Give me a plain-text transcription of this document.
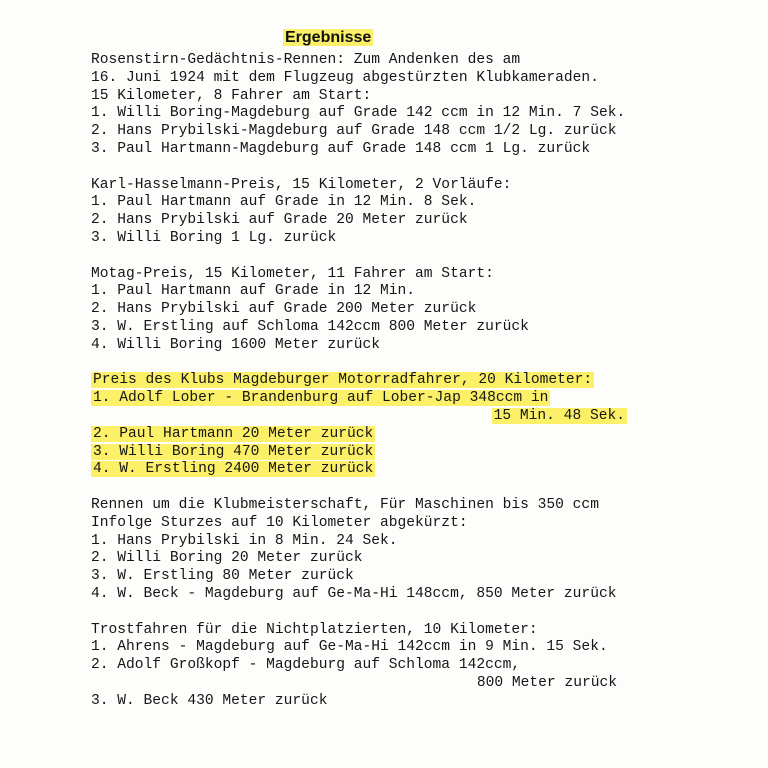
Ergebnisse
Rosenstirn-Gedächtnis-Rennen: Zum Andenken des am
16. Juni 1924 mit dem Flugzeug abgestürzten Klubkameraden.
15 Kilometer, 8 Fahrer am Start:
1. Willi Boring-Magdeburg auf Grade 142 ccm in 12 Min. 7 Sek.
2. Hans Prybilski-Magdeburg auf Grade 148 ccm 1/2 Lg. zurück
3. Paul Hartmann-Magdeburg auf Grade 148 ccm 1 Lg. zurück
Karl-Hasselmann-Preis, 15 Kilometer, 2 Vorläufe:
1. Paul Hartmann auf Grade in 12 Min. 8 Sek.
2. Hans Prybilski auf Grade 20 Meter zurück
3. Willi Boring 1 Lg. zurück
Motag-Preis, 15 Kilometer, 11 Fahrer am Start:
1. Paul Hartmann auf Grade in 12 Min.
2. Hans Prybilski auf Grade 200 Meter zurück
3. W. Erstling auf Schloma 142ccm 800 Meter zurück
4. Willi Boring 1600 Meter zurück
Preis des Klubs Magdeburger Motorradfahrer, 20 Kilometer:
1. Adolf Lober - Brandenburg auf Lober-Jap 348ccm in
15 Min. 48 Sek.
2. Paul Hartmann 20 Meter zurück
3. Willi Boring 470 Meter zurück
4. W. Erstling 2400 Meter zurück
Rennen um die Klubmeisterschaft, Für Maschinen bis 350 ccm
Infolge Sturzes auf 10 Kilometer abgekürzt:
1. Hans Prybilski in 8 Min. 24 Sek.
2. Willi Boring 20 Meter zurück
3. W. Erstling 80 Meter zurück
4. W. Beck - Magdeburg auf Ge-Ma-Hi 148ccm, 850 Meter zurück
Trostfahren für die Nichtplatzierten, 10 Kilometer:
1. Ahrens - Magdeburg auf Ge-Ma-Hi 142ccm in 9 Min. 15 Sek.
2. Adolf Großkopf - Magdeburg auf Schloma 142ccm,
800 Meter zurück
3. W. Beck 430 Meter zurück
